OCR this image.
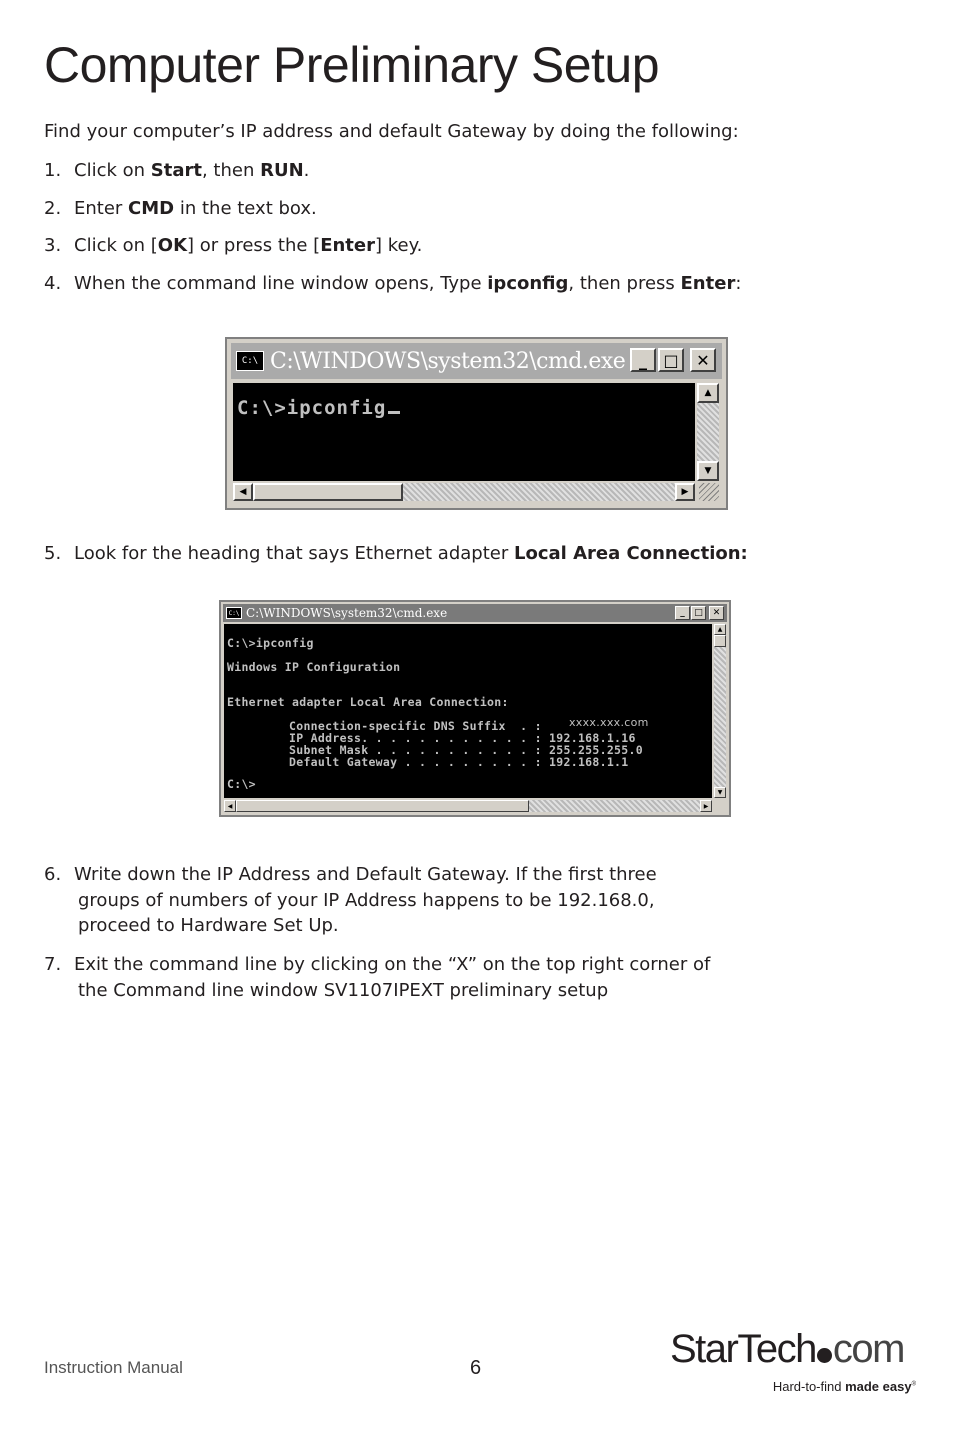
Computer Preliminary Setup
Find your computer’s IP address and default Gateway by doing the following:
1. Click on Start, then RUN.
2. Enter CMD in the text box.
3. Click on [OK] or press the [Enter] key.
4. When the command line window opens, Type ipconfig, then press Enter:
C:\ C:\WINDOWS\system32\cmd.exe _	□	✕
C:\>ipconfig
▲
▼
◀	▶
5. Look for the heading that says Ethernet adapter Local Area Connection:
C:\ C:\WINDOWS\system32\cmd.exe	_	□	✕
C:\>ipconfig
Windows IP Configuration
Ethernet adapter Local Area Connection:
Connection-specific DNS Suffix  . : xxxx.xxx.com
IP Address. . . . . . . . . . . . : 192.168.1.16
Subnet Mask . . . . . . . . . . . : 255.255.255.0
Default Gateway . . . . . . . . . : 192.168.1.1
C:\>
▲
▼
◀	▶
6. Write down the IP Address and Default Gateway. If the first three
groups of numbers of your IP Address happens to be 192.168.0,
proceed to Hardware Set Up.
7. Exit the command line by clicking on the “X” on the top right corner of
the Command line window SV1107IPEXT preliminary setup
Instruction Manual	6	StarTech com
Hard-to-find made easy®
